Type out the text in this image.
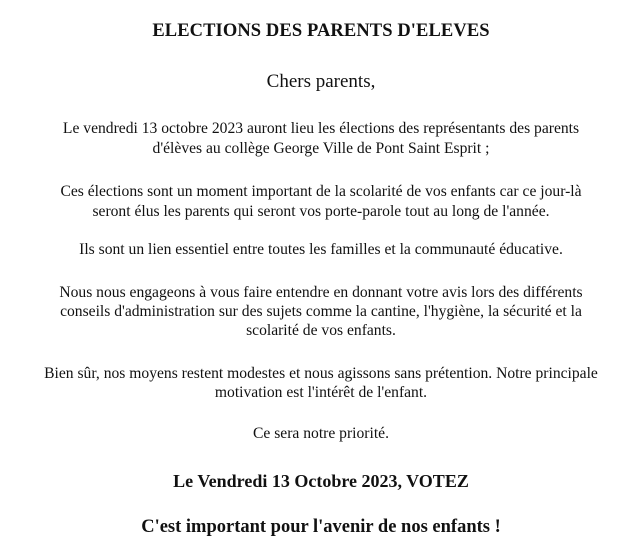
ELECTIONS DES PARENTS D'ELEVES
Chers parents,
Le vendredi 13 octobre 2023 auront lieu les élections des représentants des parents
d'élèves au collège George Ville de Pont Saint Esprit ;
Ces élections sont un moment important de la scolarité de vos enfants car ce jour-là
seront élus les parents qui seront vos porte-parole tout au long de l'année.
Ils sont un lien essentiel entre toutes les familles et la communauté éducative.
Nous nous engageons à vous faire entendre en donnant votre avis lors des différents
conseils d'administration sur des sujets comme la cantine, l'hygiène, la sécurité et la
scolarité de vos enfants.
Bien sûr, nos moyens restent modestes et nous agissons sans prétention. Notre principale
motivation est l'intérêt de l'enfant.
Ce sera notre priorité.
Le Vendredi 13 Octobre 2023, VOTEZ
C'est important pour l'avenir de nos enfants !
